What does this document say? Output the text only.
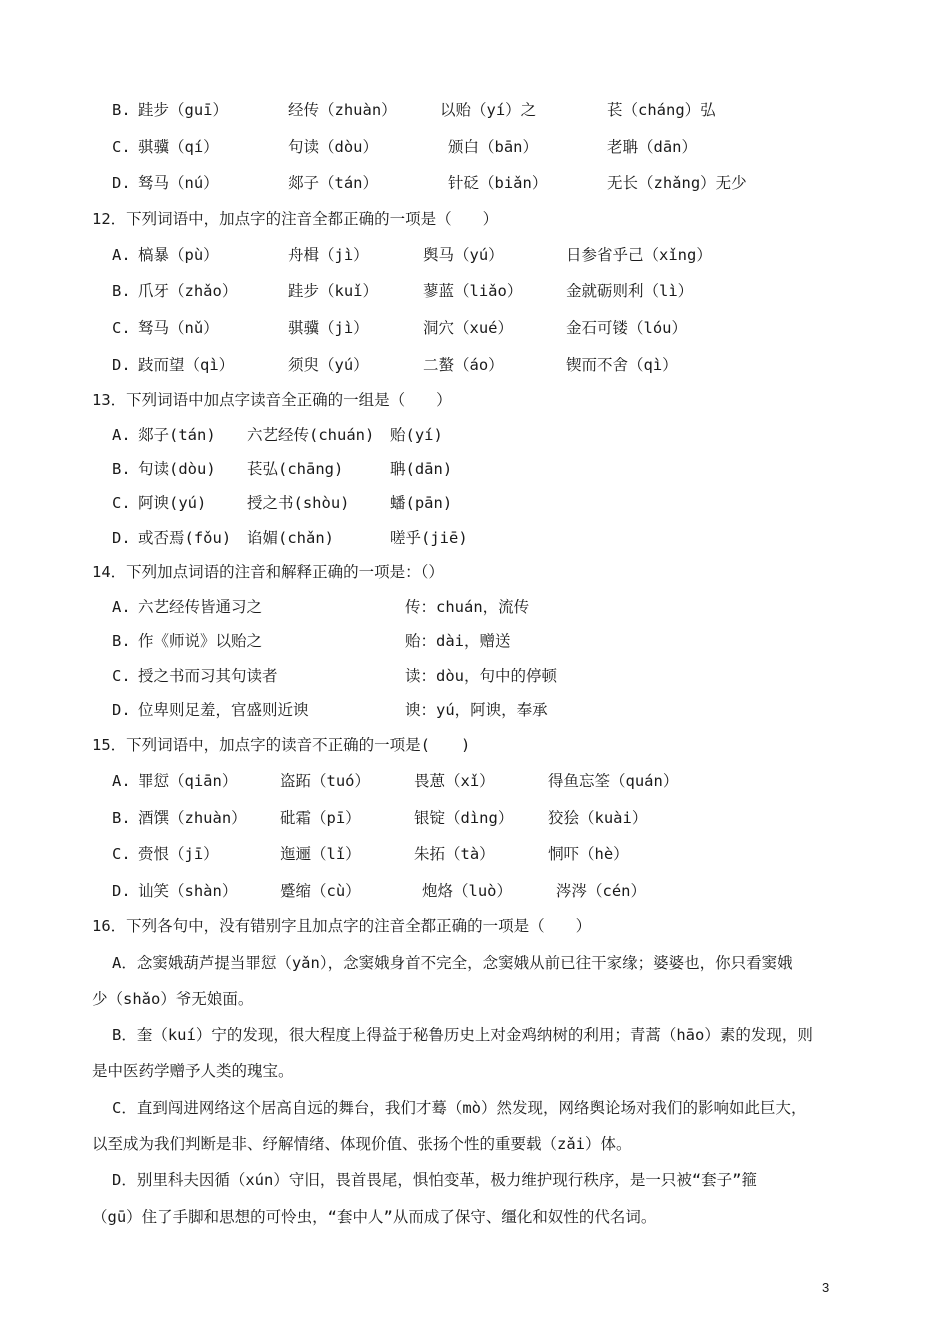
B. 跬步（guī）	经传（zhuàn）	以贻（yí）之	苌（cháng）弘
C. 骐骥（qí）	句读（dòu）	颁白（bān）	老聃（dān）
D. 驽马（nú）	郯子（tán）	针砭（biǎn）	无长（zhǎng）无少
12．下列词语中，加点字的注音全都正确的一项是（　　）
A. 槁暴（pù）	舟楫（jì）	舆马（yú）	日参省乎己（xǐng）
B. 爪牙（zhǎo）	跬步（kuǐ）	蓼蓝（liǎo）	金就砺则利（lì）
C. 驽马（nǔ）	骐骥（jì）	洞穴（xué）	金石可镂（lóu）
D. 跂而望（qì）	须臾（yú）	二螯（áo）	锲而不舍（qì）
13．下列词语中加点字读音全正确的一组是（　　）
A. 郯子(tán) 六艺经传(chuán) 贻(yí)
B. 句读(dòu) 苌弘(chāng)	聃(dān)
C. 阿谀(yú)	授之书(shòu)	蟠(pān)
D. 或否焉(fǒu) 谄媚(chǎn)	嗟乎(jiē)
14．下列加点词语的注音和解释正确的一项是：（）
A. 六艺经传皆通习之	传：chuán，流传
B. 作《师说》以贻之	贻：dài，赠送
C. 授之书而习其句读者	读：dòu，句中的停顿
D. 位卑则足羞，官盛则近谀	谀：yú，阿谀，奉承
15．下列词语中，加点字的读音不正确的一项是(　　)
A. 罪愆（qiān）	盗跖（tuó）	畏葸（xǐ）	得鱼忘筌（quán）
B. 酒馔（zhuàn） 砒霜（pī）	银锭（dìng） 狡狯（kuài）
C. 赍恨（jī）	迤逦（lǐ）	朱拓（tà）	恫吓（hè）
D. 讪笑（shàn）	蹙缩（cù）	炮烙（luò）	涔涔（cén）
16．下列各句中，没有错别字且加点字的注音全都正确的一项是（　　）
A．念窦娥葫芦提当罪愆（yǎn），念窦娥身首不完全，念窦娥从前已往干家缘；婆婆也，你只看窦娥
少（shǎo）爷无娘面。
B．奎（kuí）宁的发现，很大程度上得益于秘鲁历史上对金鸡纳树的利用；青蒿（hāo）素的发现，则
是中医药学赠予人类的瑰宝。
C．直到闯进网络这个居高自远的舞台，我们才蓦（mò）然发现，网络舆论场对我们的影响如此巨大，
以至成为我们判断是非、纾解情绪、体现价值、张扬个性的重要载（zǎi）体。
D．别里科夫因循（xún）守旧，畏首畏尾，惧怕变革，极力维护现行秩序，是一只被“套子”箍
（gū）住了手脚和思想的可怜虫，“套中人”从而成了保守、缰化和奴性的代名词。
3
